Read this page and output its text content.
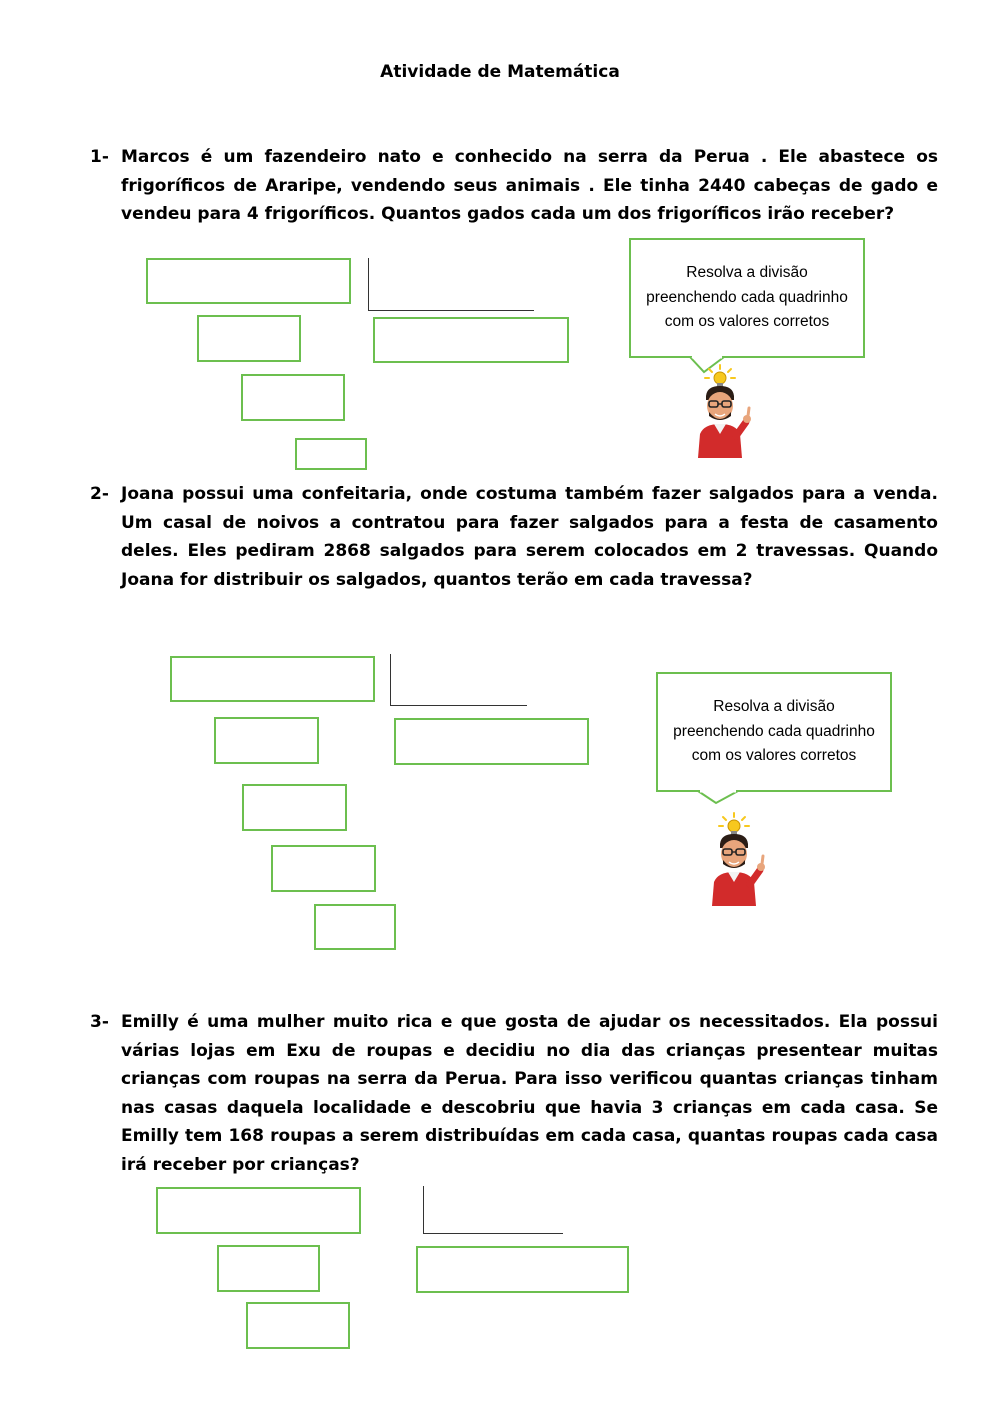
Atividade de Matemática
1- Marcos é um fazendeiro nato e conhecido na serra da Perua . Ele abastece os frigoríficos de Araripe, vendendo seus animais . Ele tinha 2440 cabeças de gado e vendeu para 4 frigoríficos. Quantos gados cada um dos frigoríficos irão receber?

Resolva a divisão preenchendo cada quadrinho com os valores corretos
2- Joana possui uma confeitaria, onde costuma também fazer salgados para a venda. Um casal de noivos a contratou para fazer salgados para a festa de casamento deles. Eles pediram 2868 salgados para serem colocados em 2 travessas. Quando Joana for distribuir os salgados, quantos terão em cada travessa?

Resolva a divisão preenchendo cada quadrinho com os valores corretos
3- Emilly é uma mulher muito rica e que gosta de ajudar os necessitados. Ela possui várias lojas em Exu de roupas e decidiu no dia das crianças presentear muitas crianças com roupas na serra da Perua. Para isso verificou quantas crianças tinham nas casas daquela localidade e descobriu que havia 3 crianças em cada casa. Se Emilly tem 168 roupas a serem distribuídas em cada casa, quantas roupas cada casa irá receber por crianças?
